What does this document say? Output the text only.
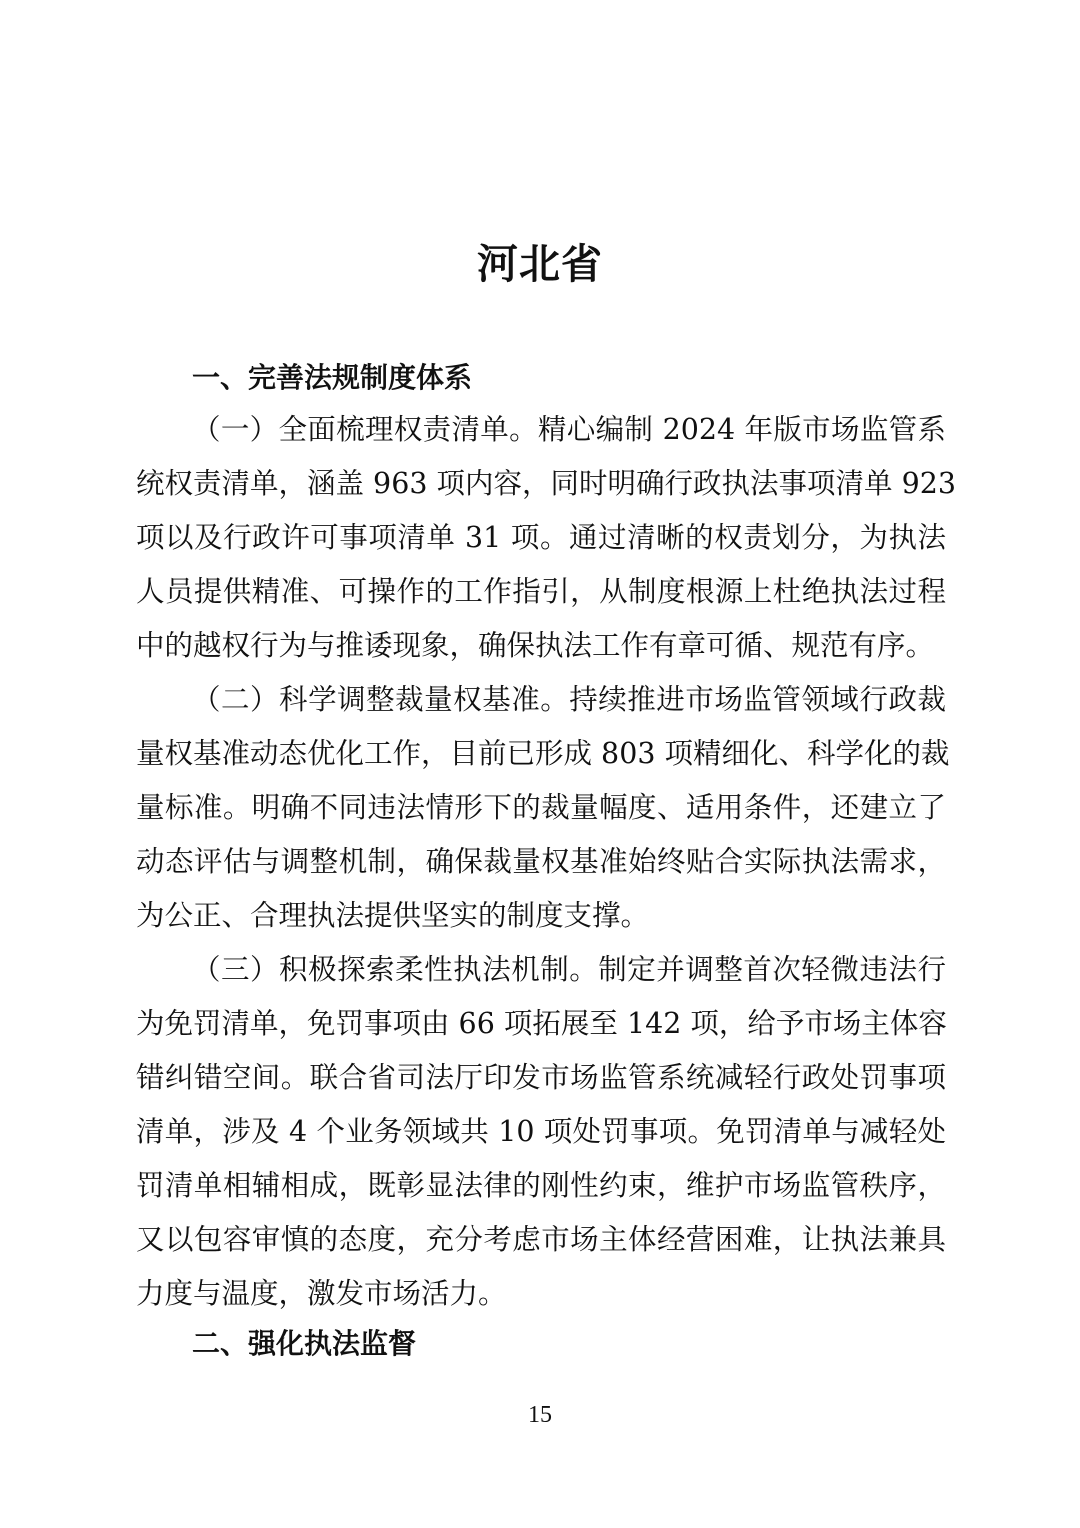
河北省
一、完善法规制度体系
（一）全面梳理权责清单。精心编制 2024 年版市场监管系
统权责清单，涵盖 963 项内容，同时明确行政执法事项清单 923
项以及行政许可事项清单 31 项。通过清晰的权责划分，为执法
人员提供精准、可操作的工作指引，从制度根源上杜绝执法过程
中的越权行为与推诿现象，确保执法工作有章可循、规范有序。
（二）科学调整裁量权基准。持续推进市场监管领域行政裁
量权基准动态优化工作，目前已形成 803 项精细化、科学化的裁
量标准。明确不同违法情形下的裁量幅度、适用条件，还建立了
动态评估与调整机制，确保裁量权基准始终贴合实际执法需求，
为公正、合理执法提供坚实的制度支撑。
（三）积极探索柔性执法机制。制定并调整首次轻微违法行
为免罚清单，免罚事项由 66 项拓展至 142 项，给予市场主体容
错纠错空间。联合省司法厅印发市场监管系统减轻行政处罚事项
清单，涉及 4 个业务领域共 10 项处罚事项。免罚清单与减轻处
罚清单相辅相成，既彰显法律的刚性约束，维护市场监管秩序，
又以包容审慎的态度，充分考虑市场主体经营困难，让执法兼具
力度与温度，激发市场活力。
二、强化执法监督
15
